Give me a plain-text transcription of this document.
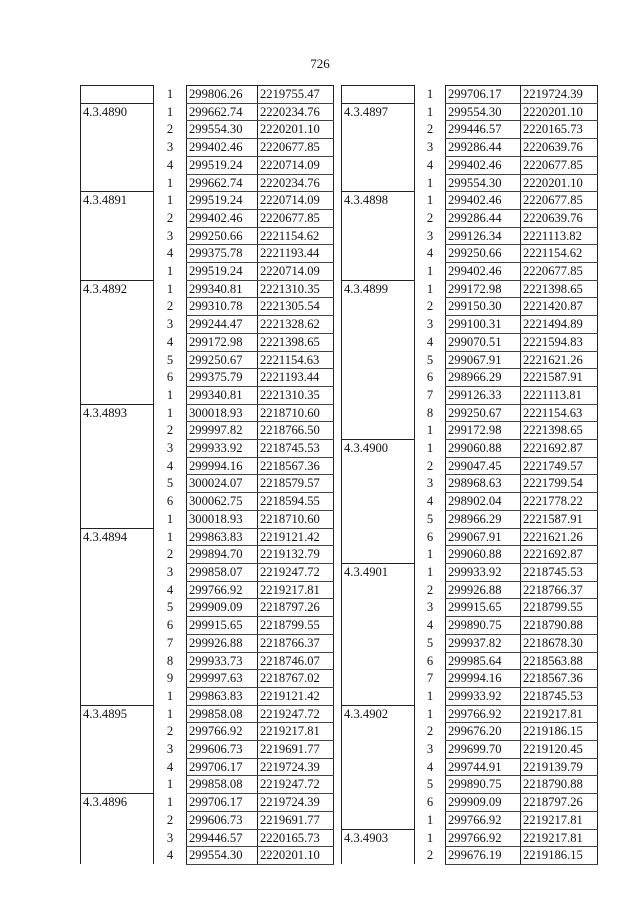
726
	1	299806.26	2219755.47
4.3.4890	1	299662.74	2220234.76
	2	299554.30	2220201.10
	3	299402.46	2220677.85
	4	299519.24	2220714.09
	1	299662.74	2220234.76
4.3.4891	1	299519.24	2220714.09
	2	299402.46	2220677.85
	3	299250.66	2221154.62
	4	299375.78	2221193.44
	1	299519.24	2220714.09
4.3.4892	1	299340.81	2221310.35
	2	299310.78	2221305.54
	3	299244.47	2221328.62
	4	299172.98	2221398.65
	5	299250.67	2221154.63
	6	299375.79	2221193.44
	1	299340.81	2221310.35
4.3.4893	1	300018.93	2218710.60
	2	299997.82	2218766.50
	3	299933.92	2218745.53
	4	299994.16	2218567.36
	5	300024.07	2218579.57
	6	300062.75	2218594.55
	1	300018.93	2218710.60
4.3.4894	1	299863.83	2219121.42
	2	299894.70	2219132.79
	3	299858.07	2219247.72
	4	299766.92	2219217.81
	5	299909.09	2218797.26
	6	299915.65	2218799.55
	7	299926.88	2218766.37
	8	299933.73	2218746.07
	9	299997.63	2218767.02
	1	299863.83	2219121.42
4.3.4895	1	299858.08	2219247.72
	2	299766.92	2219217.81
	3	299606.73	2219691.77
	4	299706.17	2219724.39
	1	299858.08	2219247.72
4.3.4896	1	299706.17	2219724.39
	2	299606.73	2219691.77
	3	299446.57	2220165.73
	4	299554.30	2220201.10
	1	299706.17	2219724.39
4.3.4897	1	299554.30	2220201.10
	2	299446.57	2220165.73
	3	299286.44	2220639.76
	4	299402.46	2220677.85
	1	299554.30	2220201.10
4.3.4898	1	299402.46	2220677.85
	2	299286.44	2220639.76
	3	299126.34	2221113.82
	4	299250.66	2221154.62
	1	299402.46	2220677.85
4.3.4899	1	299172.98	2221398.65
	2	299150.30	2221420.87
	3	299100.31	2221494.89
	4	299070.51	2221594.83
	5	299067.91	2221621.26
	6	298966.29	2221587.91
	7	299126.33	2221113.81
	8	299250.67	2221154.63
	1	299172.98	2221398.65
4.3.4900	1	299060.88	2221692.87
	2	299047.45	2221749.57
	3	298968.63	2221799.54
	4	298902.04	2221778.22
	5	298966.29	2221587.91
	6	299067.91	2221621.26
	1	299060.88	2221692.87
4.3.4901	1	299933.92	2218745.53
	2	299926.88	2218766.37
	3	299915.65	2218799.55
	4	299890.75	2218790.88
	5	299937.82	2218678.30
	6	299985.64	2218563.88
	7	299994.16	2218567.36
	1	299933.92	2218745.53
4.3.4902	1	299766.92	2219217.81
	2	299676.20	2219186.15
	3	299699.70	2219120.45
	4	299744.91	2219139.79
	5	299890.75	2218790.88
	6	299909.09	2218797.26
	1	299766.92	2219217.81
4.3.4903	1	299766.92	2219217.81
	2	299676.19	2219186.15
